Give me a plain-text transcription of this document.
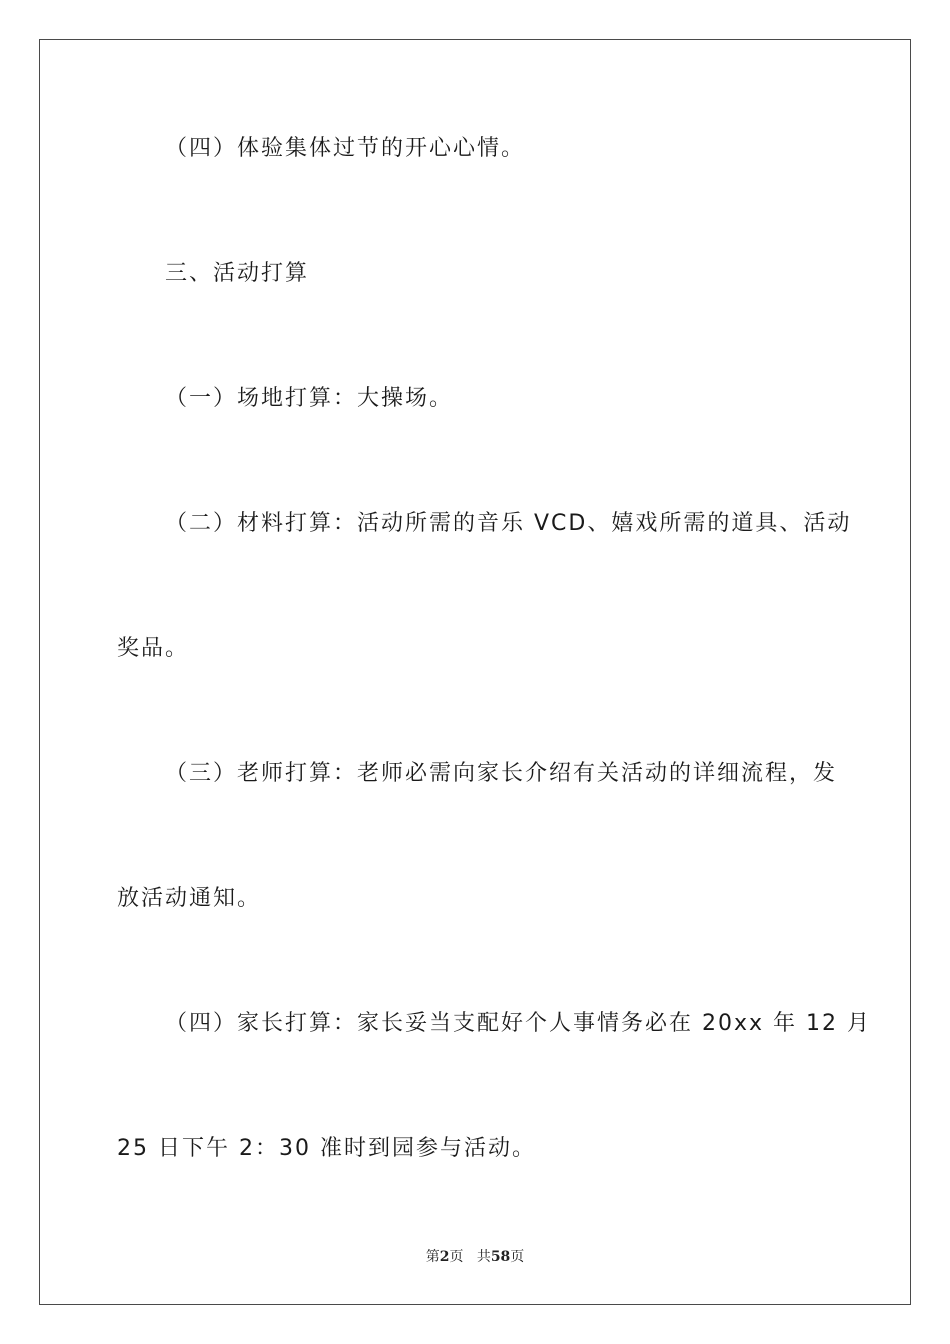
（四）体验集体过节的开心心情。
三、活动打算
（一）场地打算：大操场。
（二）材料打算：活动所需的音乐 VCD、嬉戏所需的道具、活动
奖品。
（三）老师打算：老师必需向家长介绍有关活动的详细流程，发
放活动通知。
（四）家长打算：家长妥当支配好个人事情务必在 20xx 年 12 月
25 日下午 2：30 准时到园参与活动。
第2页 共58页
